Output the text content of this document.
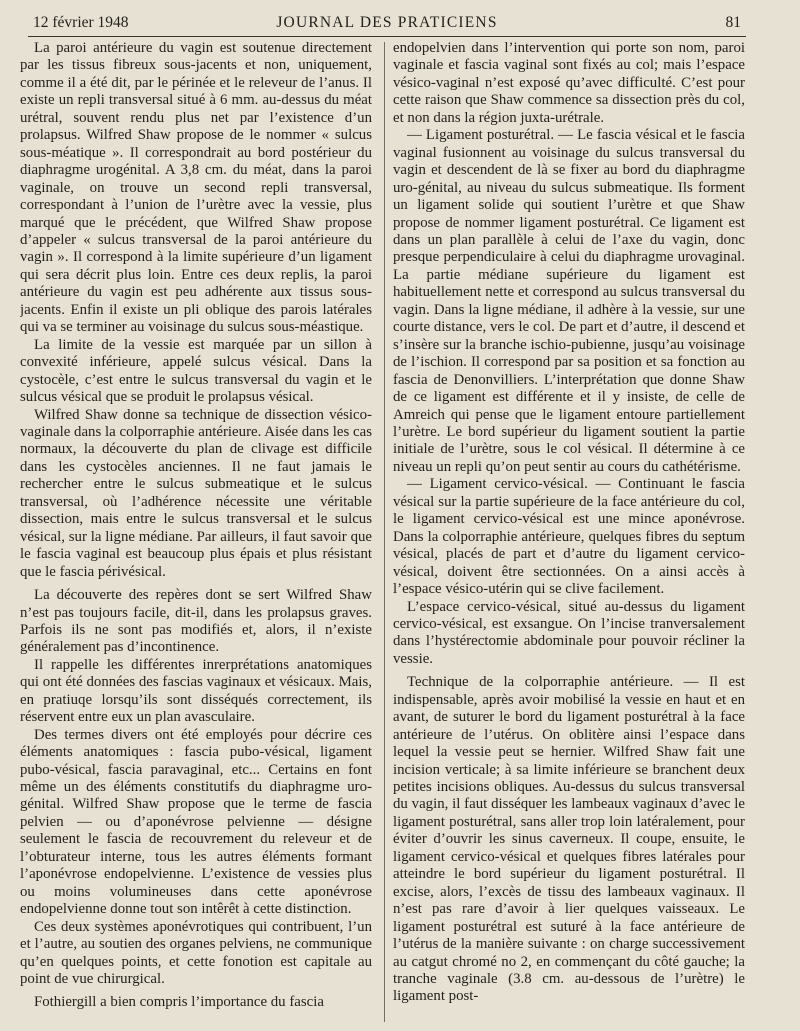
12 février 1948	JOURNAL DES PRATICIENS	81

La paroi antérieure du vagin est soutenue directement par les tissus fibreux sous-jacents et non, uniquement, comme il a été dit, par le périnée et le releveur de l’anus. Il existe un repli transversal situé à 6 mm. au-dessus du méat urétral, souvent rendu plus net par l’existence d’un prolapsus. Wilfred Shaw propose de le nommer « sulcus sous-méatique ». Il correspondrait au bord postérieur du diaphragme urogénital. A 3,8 cm. du méat, dans la paroi vaginale, on trouve un second repli transversal, correspondant à l’union de l’urètre avec la vessie, plus marqué que le précédent, que Wilfred Shaw propose d’appeler « sulcus transversal de la paroi antérieure du vagin ». Il correspond à la limite supérieure d’un ligament qui sera décrit plus loin. Entre ces deux replis, la paroi antérieure du vagin est peu adhérente aux tissus sous-jacents. Enfin il existe un pli oblique des parois latérales qui va se terminer au voisinage du sulcus sous-méastique.

La limite de la vessie est marquée par un sillon à convexité inférieure, appelé sulcus vésical. Dans la cystocèle, c’est entre le sulcus transversal du vagin et le sulcus vésical que se produit le prolapsus vésical.

Wilfred Shaw donne sa technique de dissection vésico-vaginale dans la colporraphie antérieure. Aisée dans les cas normaux, la découverte du plan de clivage est difficile dans les cystocèles anciennes. Il ne faut jamais le rechercher entre le sulcus submeatique et le sulcus transversal, où l’adhérence nécessite une véritable dissection, mais entre le sulcus transversal et le sulcus vésical, sur la ligne médiane. Par ailleurs, il faut savoir que le fascia vaginal est beaucoup plus épais et plus résistant que le fascia périvésical.

La découverte des repères dont se sert Wilfred Shaw n’est pas toujours facile, dit-il, dans les prolapsus graves. Parfois ils ne sont pas modifiés et, alors, il n’existe généralement pas d’incontinence.

Il rappelle les différentes inrerprétations anatomiques qui ont été données des fascias vaginaux et vésicaux. Mais, en pratiuqe lorsqu’ils sont disséqués correctement, ils réservent entre eux un plan avasculaire.

Des termes divers ont été employés pour décrire ces éléments anatomiques : fascia pubo-vésical, ligament pubo-vésical, fascia paravaginal, etc... Certains en font même un des éléments constitutifs du diaphragme uro-génital. Wilfred Shaw propose que le terme de fascia pelvien — ou d’aponévrose pelvienne — désigne seulement le fascia de recouvrement du releveur et de l’obturateur interne, tous les autres éléments formant l’aponévrose endopelvienne. L’existence de vessies plus ou moins volumineuses dans cette aponévrose endopelvienne donne tout son intêrêt à cette distinction.

Ces deux systèmes aponévrotiques qui contribuent, l’un et l’autre, au soutien des organes pelviens, ne communique qu’en quelques points, et cette fonotion est capitale au point de vue chirurgical.

Fothiergill a bien compris l’importance du fascia

endopelvien dans l’intervention qui porte son nom, paroi vaginale et fascia vaginal sont fixés au col; mais l’espace vésico-vaginal n’est exposé qu’avec difficulté. C’est pour cette raison que Shaw commence sa dissection près du col, et non dans la région juxta-urétrale.

— Ligament posturétral. — Le fascia vésical et le fascia vaginal fusionnent au voisinage du sulcus transversal du vagin et descendent de là se fixer au bord du diaphragme uro-génital, au niveau du sulcus submeatique. Ils forment un ligament solide qui soutient l’urètre et que Shaw propose de nommer ligament posturétral. Ce ligament est dans un plan parallèle à celui de l’axe du vagin, donc presque perpendiculaire à celui du diaphragme urovaginal. La partie médiane supérieure du ligament est habituellement nette et correspond au sulcus transversal du vagin. Dans la ligne médiane, il adhère à la vessie, sur une courte distance, vers le col. De part et d’autre, il descend et s’insère sur la branche ischio-pubienne, jusqu’au voisinage de l’ischion. Il correspond par sa position et sa fonction au fascia de Denonvilliers. L’interprétation que donne Shaw de ce ligament est différente et il y insiste, de celle de Amreich qui pense que le ligament entoure partiellement l’urètre. Le bord supérieur du ligament soutient la partie initiale de l’urètre, sous le col vésical. Il détermine à ce niveau un repli qu’on peut sentir au cours du cathétérisme.

— Ligament cervico-vésical. — Continuant le fascia vésical sur la partie supérieure de la face antérieure du col, le ligament cervico-vésical est une mince aponévrose. Dans la colporraphie antérieure, quelques fibres du septum vésical, placés de part et d’autre du ligament cervico-vésical, doivent être sectionnées. On a ainsi accès à l’espace vésico-utérin qui se clive facilement.

L’espace cervico-vésical, situé au-dessus du ligament cervico-vésical, est exsangue. On l’incise tranversalement dans l’hystérectomie abdominale pour pouvoir récliner la vessie.

Technique de la colporraphie antérieure. — Il est indispensable, après avoir mobilisé la vessie en haut et en avant, de suturer le bord du ligament posturétral à la face antérieure de l’utérus. On oblitère ainsi l’espace dans lequel la vessie peut se hernier. Wilfred Shaw fait une incision verticale; à sa limite inférieure se branchent deux petites incisions obliques. Au-dessus du sulcus transversal du vagin, il faut disséquer les lambeaux vaginaux d’avec le ligament posturétral, sans aller trop loin latéralement, pour éviter d’ouvrir les sinus caverneux. Il coupe, ensuite, le ligament cervico-vésical et quelques fibres latérales pour atteindre le bord supérieur du ligament posturétral. Il excise, alors, l’excès de tissu des lambeaux vaginaux. Il n’est pas rare d’avoir à lier quelques vaisseaux. Le ligament posturétral est suturé à la face antérieure de l’utérus de la manière suivante : on charge successivement au catgut chromé no 2, en commençant du côté gauche; la tranche vaginale (3.8 cm. au-dessous de l’urètre) le ligament post-
